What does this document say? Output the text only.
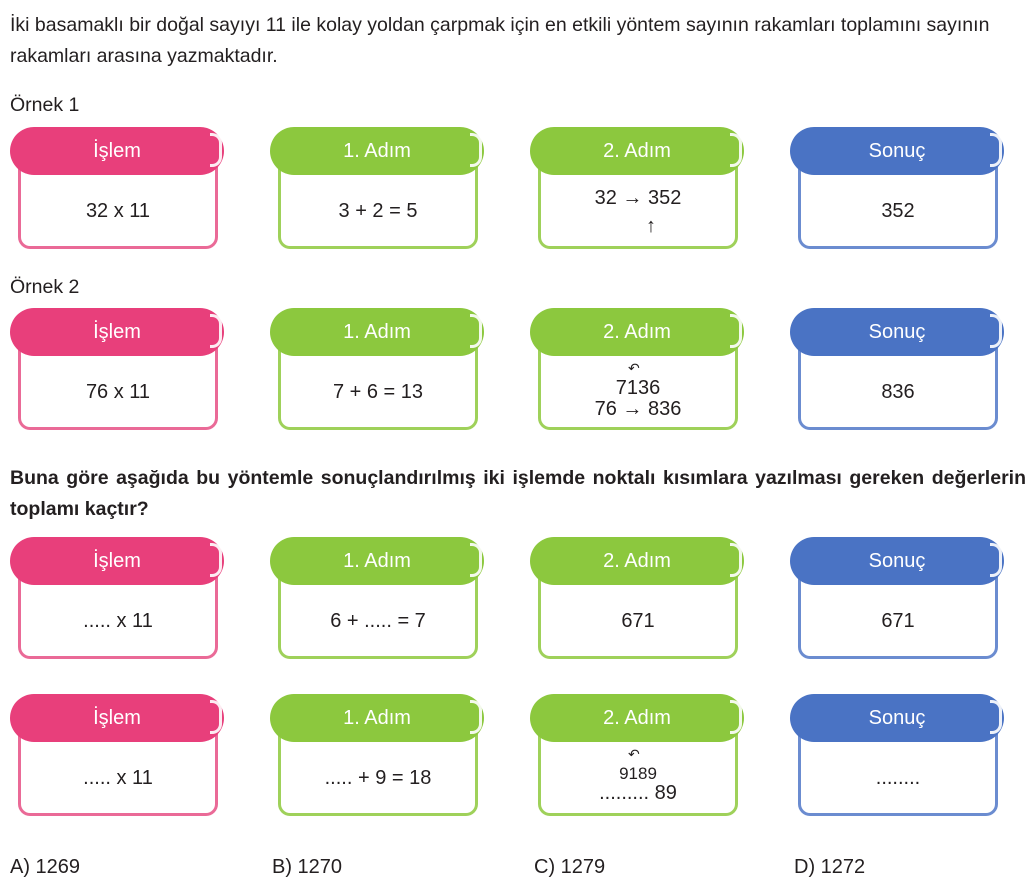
İki basamaklı bir doğal sayıyı 11 ile kolay yoldan çarpmak için en etkili yöntem sayının rakamları toplamını sayının rakamları arasına yazmaktadır.
Örnek 1
İşlem
32 x 11
1. Adım
3 + 2 = 5
2. Adım
32 → 352
↑
Sonuç
352
Örnek 2
İşlem
76 x 11
1. Adım
7 + 6 = 13
2. Adım
↶
7136
76 → 836
Sonuç
836
Buna göre aşağıda bu yöntemle sonuçlandırılmış iki işlemde noktalı kısımlara yazılması gereken değerlerin toplamı kaçtır?
İşlem
..... x 11
1. Adım
6 + ..... = 7
2. Adım
671
Sonuç
671
İşlem
..... x 11
1. Adım
..... + 9 = 18
2. Adım
↶
9189
......... 89
Sonuç
........
A) 1269	B) 1270	C) 1279	D) 1272
